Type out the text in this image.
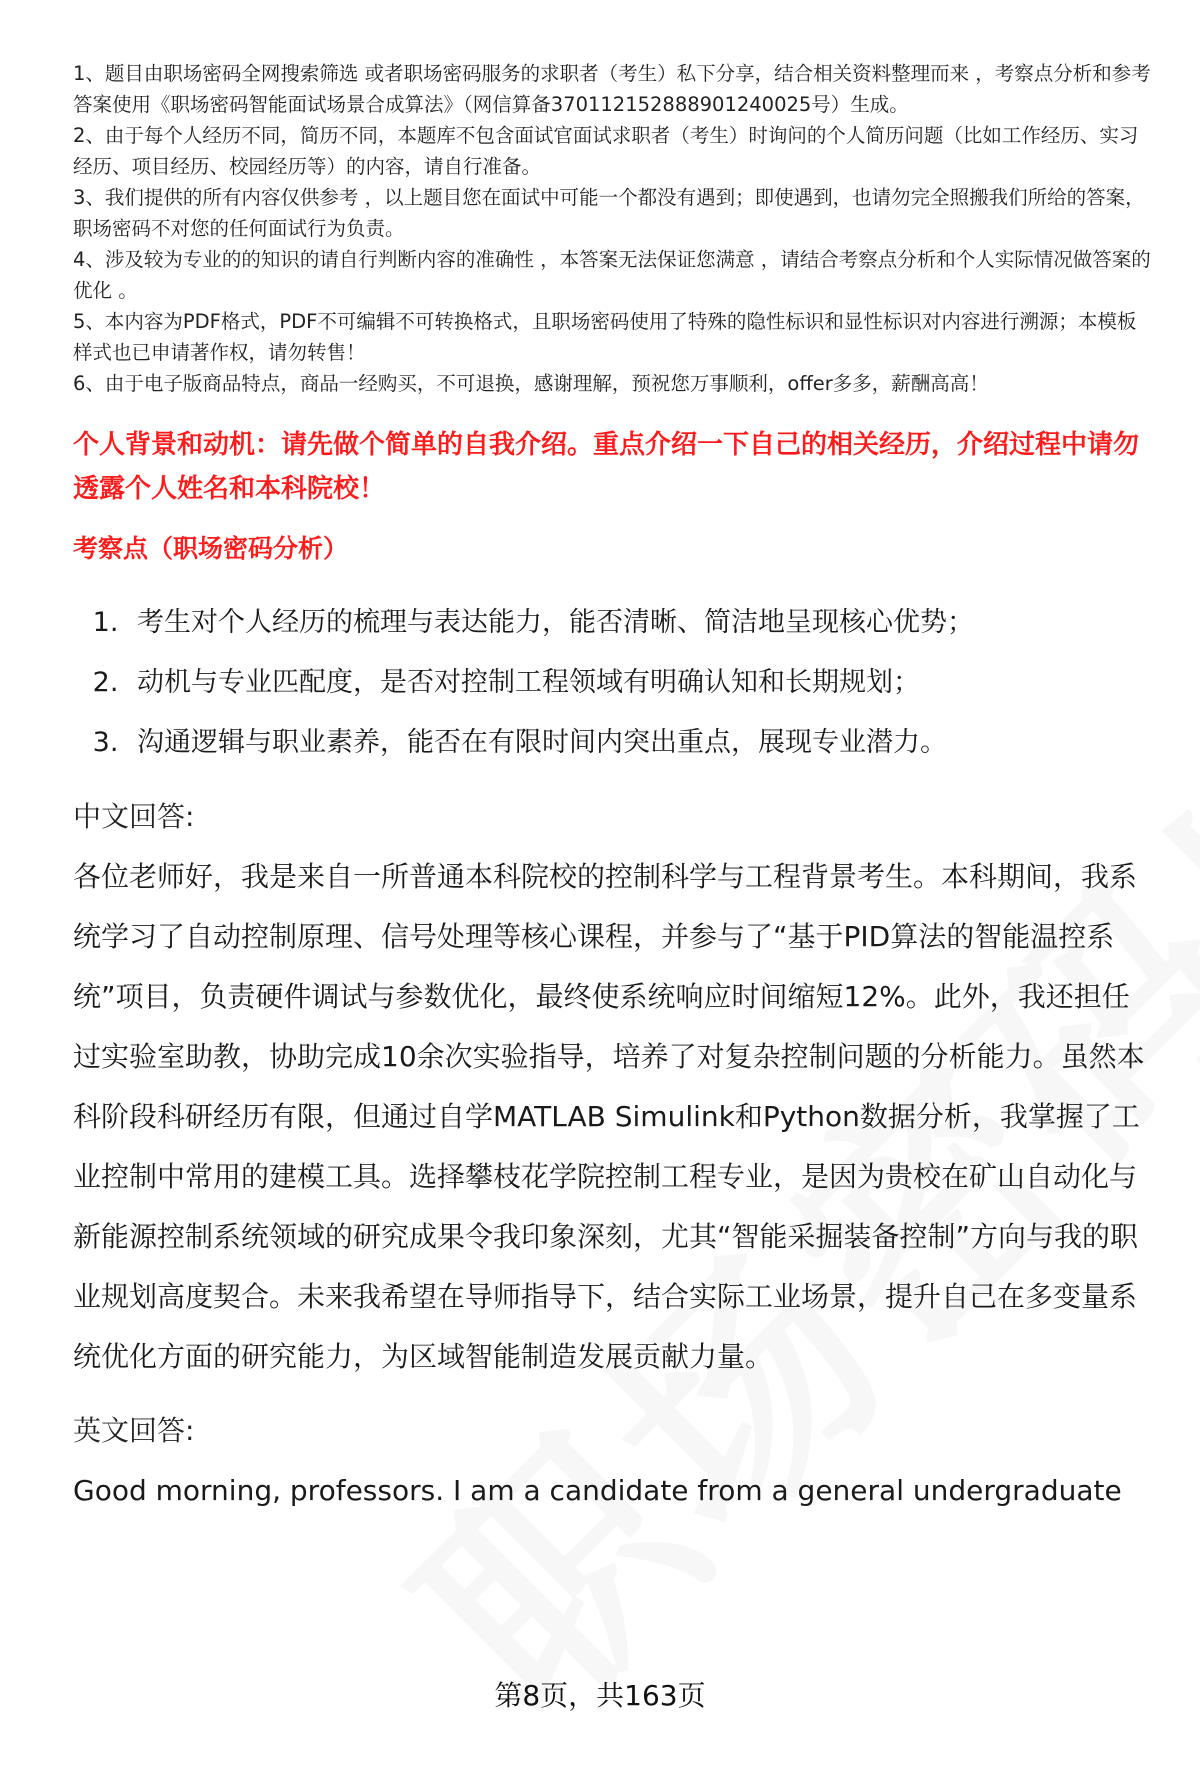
1、题目由职场密码全网搜索筛选 或者职场密码服务的求职者（考生）私下分享，结合相关资料整理而来 ，考察点分析和参考答案使用《职场密码智能面试场景合成算法》（网信算备370112152888901240025号）生成。

2、由于每个人经历不同，简历不同，本题库不包含面试官面试求职者（考生）时询问的个人简历问题（比如工作经历、实习经历、项目经历、校园经历等）的内容，请自行准备。

3、我们提供的所有内容仅供参考 ，以上题目您在面试中可能一个都没有遇到；即使遇到，也请勿完全照搬我们所给的答案，职场密码不对您的任何面试行为负责。

4、涉及较为专业的的知识的请自行判断内容的准确性 ，本答案无法保证您满意 ，请结合考察点分析和个人实际情况做答案的优化 。

5、本内容为PDF格式，PDF不可编辑不可转换格式，且职场密码使用了特殊的隐性标识和显性标识对内容进行溯源；本模板样式也已申请著作权，请勿转售！

6、由于电子版商品特点，商品一经购买，不可退换，感谢理解，预祝您万事顺利，offer多多，薪酬高高！

个人背景和动机：请先做个简单的自我介绍。重点介绍一下自己的相关经历，介绍过程中请勿透露个人姓名和本科院校！
考察点（职场密码分析）
1. 考生对个人经历的梳理与表达能力，能否清晰、简洁地呈现核心优势；
2. 动机与专业匹配度，是否对控制工程领域有明确认知和长期规划；
3. 沟通逻辑与职业素养，能否在有限时间内突出重点，展现专业潜力。
中文回答:

各位老师好，我是来自一所普通本科院校的控制科学与工程背景考生。本科期间，我系统学习了自动控制原理、信号处理等核心课程，并参与了“基于PID算法的智能温控系统”项目，负责硬件调试与参数优化，最终使系统响应时间缩短12%。此外，我还担任过实验室助教，协助完成10余次实验指导，培养了对复杂控制问题的分析能力。虽然本科阶段科研经历有限，但通过自学MATLAB Simulink和Python数据分析，我掌握了工业控制中常用的建模工具。选择攀枝花学院控制工程专业，是因为贵校在矿山自动化与新能源控制系统领域的研究成果令我印象深刻，尤其“智能采掘装备控制”方向与我的职业规划高度契合。未来我希望在导师指导下，结合实际工业场景，提升自己在多变量系统优化方面的研究能力，为区域智能制造发展贡献力量。

英文回答:

Good morning, professors. I am a candidate from a general undergraduate

第8页，共163页
